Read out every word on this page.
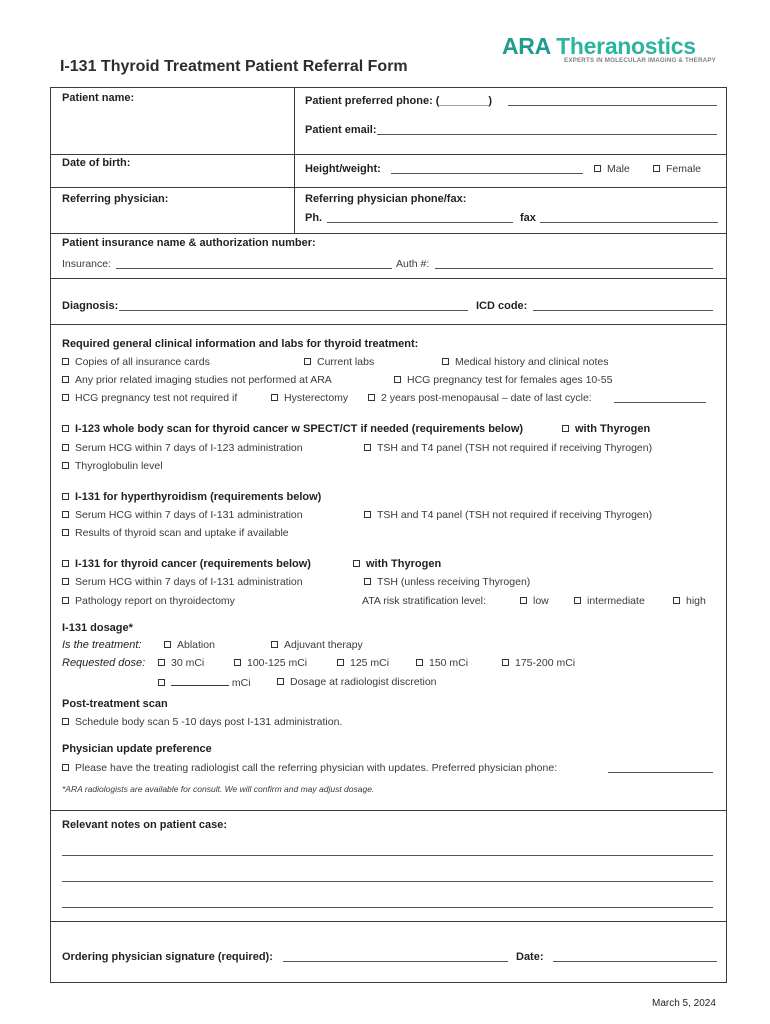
ARA Theranostics
EXPERTS IN MOLECULAR IMAGING & THERAPY
I-131 Thyroid Treatment Patient Referral Form
Patient name:	Patient preferred phone: (________)
Patient email:
Date of birth:	Height/weight:	Male	Female
Referring physician:	Referring physician phone/fax:
Ph.	fax
Patient insurance name & authorization number:
Insurance:	Auth #:
Diagnosis:	ICD code:
Required general clinical information and labs for thyroid treatment:
Copies of all insurance cards	Current labs	Medical history and clinical notes
Any prior related imaging studies not performed at ARA	HCG pregnancy test for females ages 10-55
HCG pregnancy test not required if	Hysterectomy	2 years post-menopausal – date of last cycle:
I-123 whole body scan for thyroid cancer w SPECT/CT if needed (requirements below)	with Thyrogen
Serum HCG within 7 days of I-123 administration	TSH and T4 panel (TSH not required if receiving Thyrogen)
Thyroglobulin level
I-131 for hyperthyroidism (requirements below)
Serum HCG within 7 days of I-131 administration	TSH and T4 panel (TSH not required if receiving Thyrogen)
Results of thyroid scan and uptake if available
I-131 for thyroid cancer (requirements below)	with Thyrogen
Serum HCG within 7 days of I-131 administration	TSH (unless receiving Thyrogen)
Pathology report on thyroidectomy	ATA risk stratification level:	low	intermediate	high
I-131 dosage*
Is the treatment:	Ablation	Adjuvant therapy
Requested dose:	30 mCi	100-125 mCi	125 mCi	150 mCi	175-200 mCi
mCi	Dosage at radiologist discretion
Post-treatment scan
Schedule body scan 5 -10 days post I-131 administration.
Physician update preference
Please have the treating radiologist call the referring physician with updates. Preferred physician phone:
*ARA radiologists are available for consult. We will confirm and may adjust dosage.
Relevant notes on patient case:
Ordering physician signature (required):	Date:
March 5, 2024
